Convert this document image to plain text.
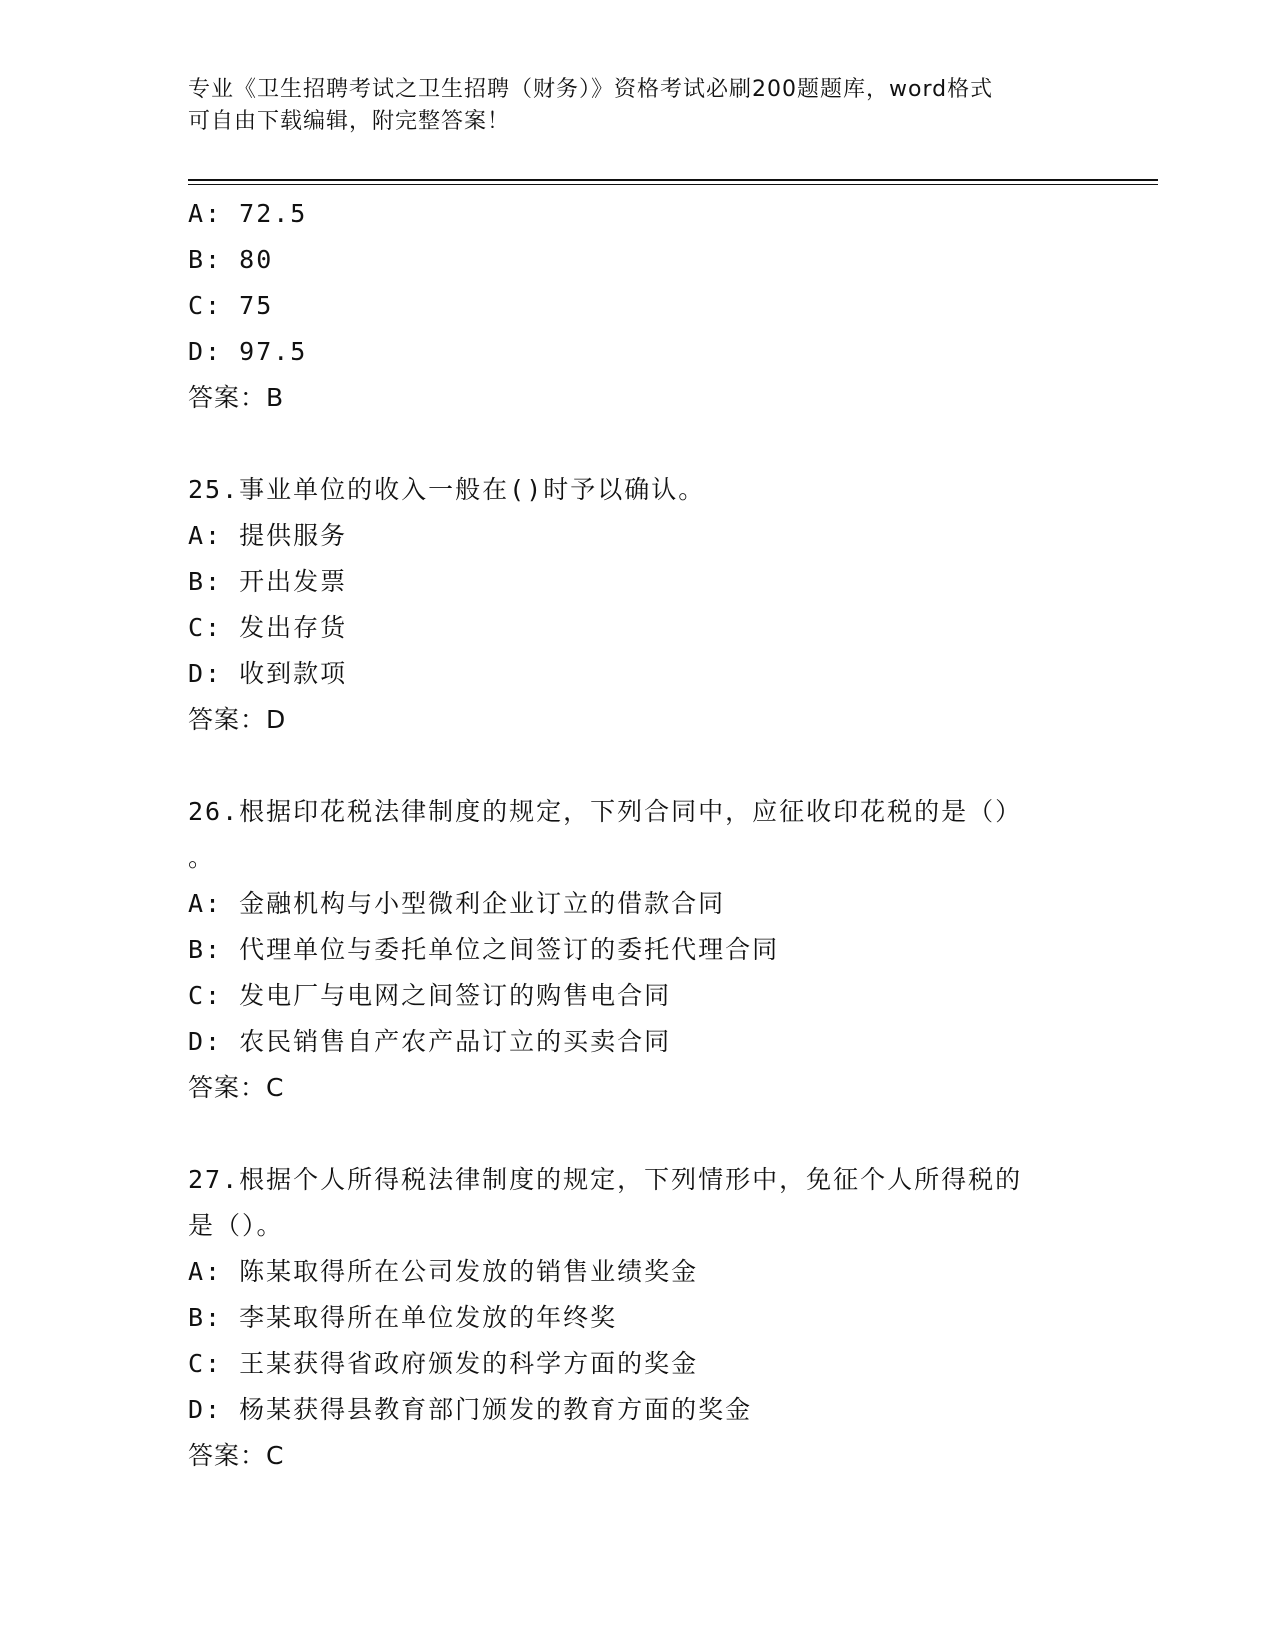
专业《卫生招聘考试之卫生招聘（财务）》资格考试必刷200题题库，word格式
可自由下载编辑，附完整答案！
A: 72.5
B: 80
C: 75
D: 97.5
答案：B
25.事业单位的收入一般在()时予以确认。
A: 提供服务
B: 开出发票
C: 发出存货
D: 收到款项
答案：D
26.根据印花税法律制度的规定，下列合同中，应征收印花税的是（）
。
A: 金融机构与小型微利企业订立的借款合同
B: 代理单位与委托单位之间签订的委托代理合同
C: 发电厂与电网之间签订的购售电合同
D: 农民销售自产农产品订立的买卖合同
答案：C
27.根据个人所得税法律制度的规定，下列情形中，免征个人所得税的
是（）。
A: 陈某取得所在公司发放的销售业绩奖金
B: 李某取得所在单位发放的年终奖
C: 王某获得省政府颁发的科学方面的奖金
D: 杨某获得县教育部门颁发的教育方面的奖金
答案：C
